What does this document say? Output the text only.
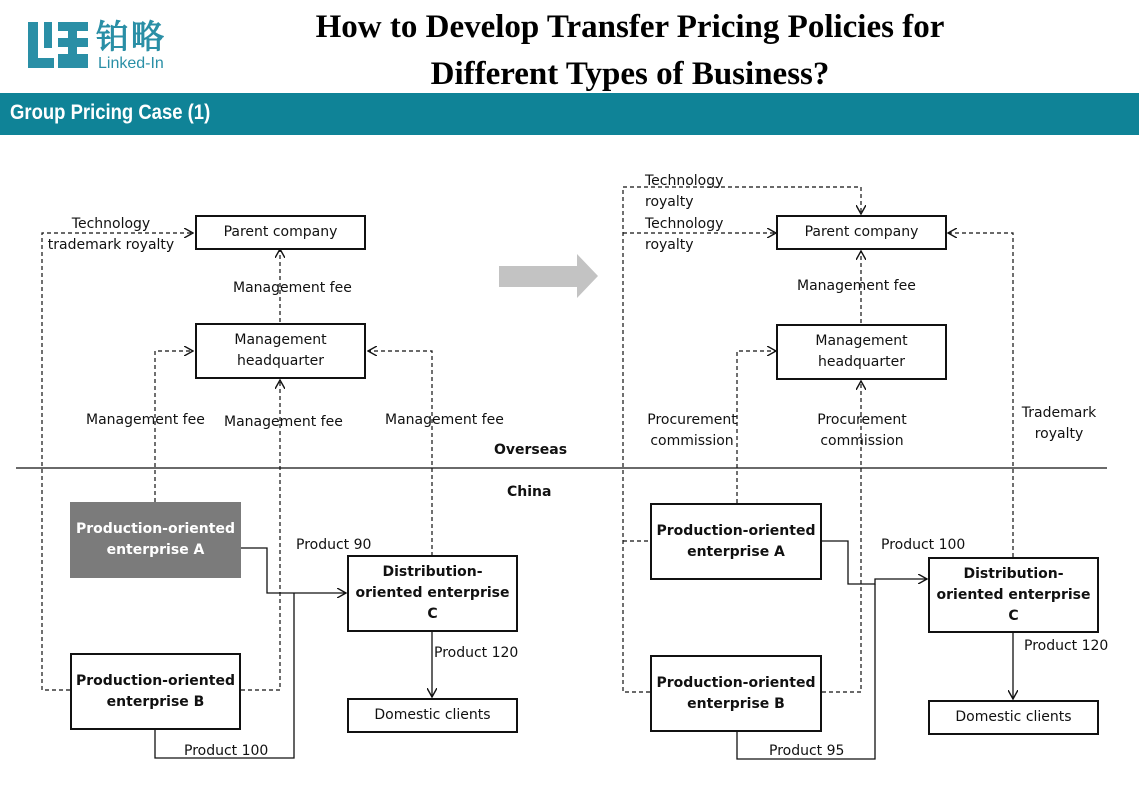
铂略
Linked-In
How to Develop Transfer Pricing Policies for
Different Types of Business?
Group Pricing Case (1)
Overseas
China
Parent company
Management headquarter
Production-oriented enterprise A
Production-oriented enterprise B
Distribution-oriented enterprise C
Domestic clients
Technology trademark royalty
Management fee
Management fee Management fee	Management fee
Product 90
Product 100
Product 120
Parent company
Management headquarter
Production-oriented enterprise A
Production-oriented enterprise B
Distribution-oriented enterprise C
Domestic clients
Technology royalty
Technology royalty
Management fee
Procurement commission
Procurement commission
Trademark royalty
Product 100
Product 95
Product 120
